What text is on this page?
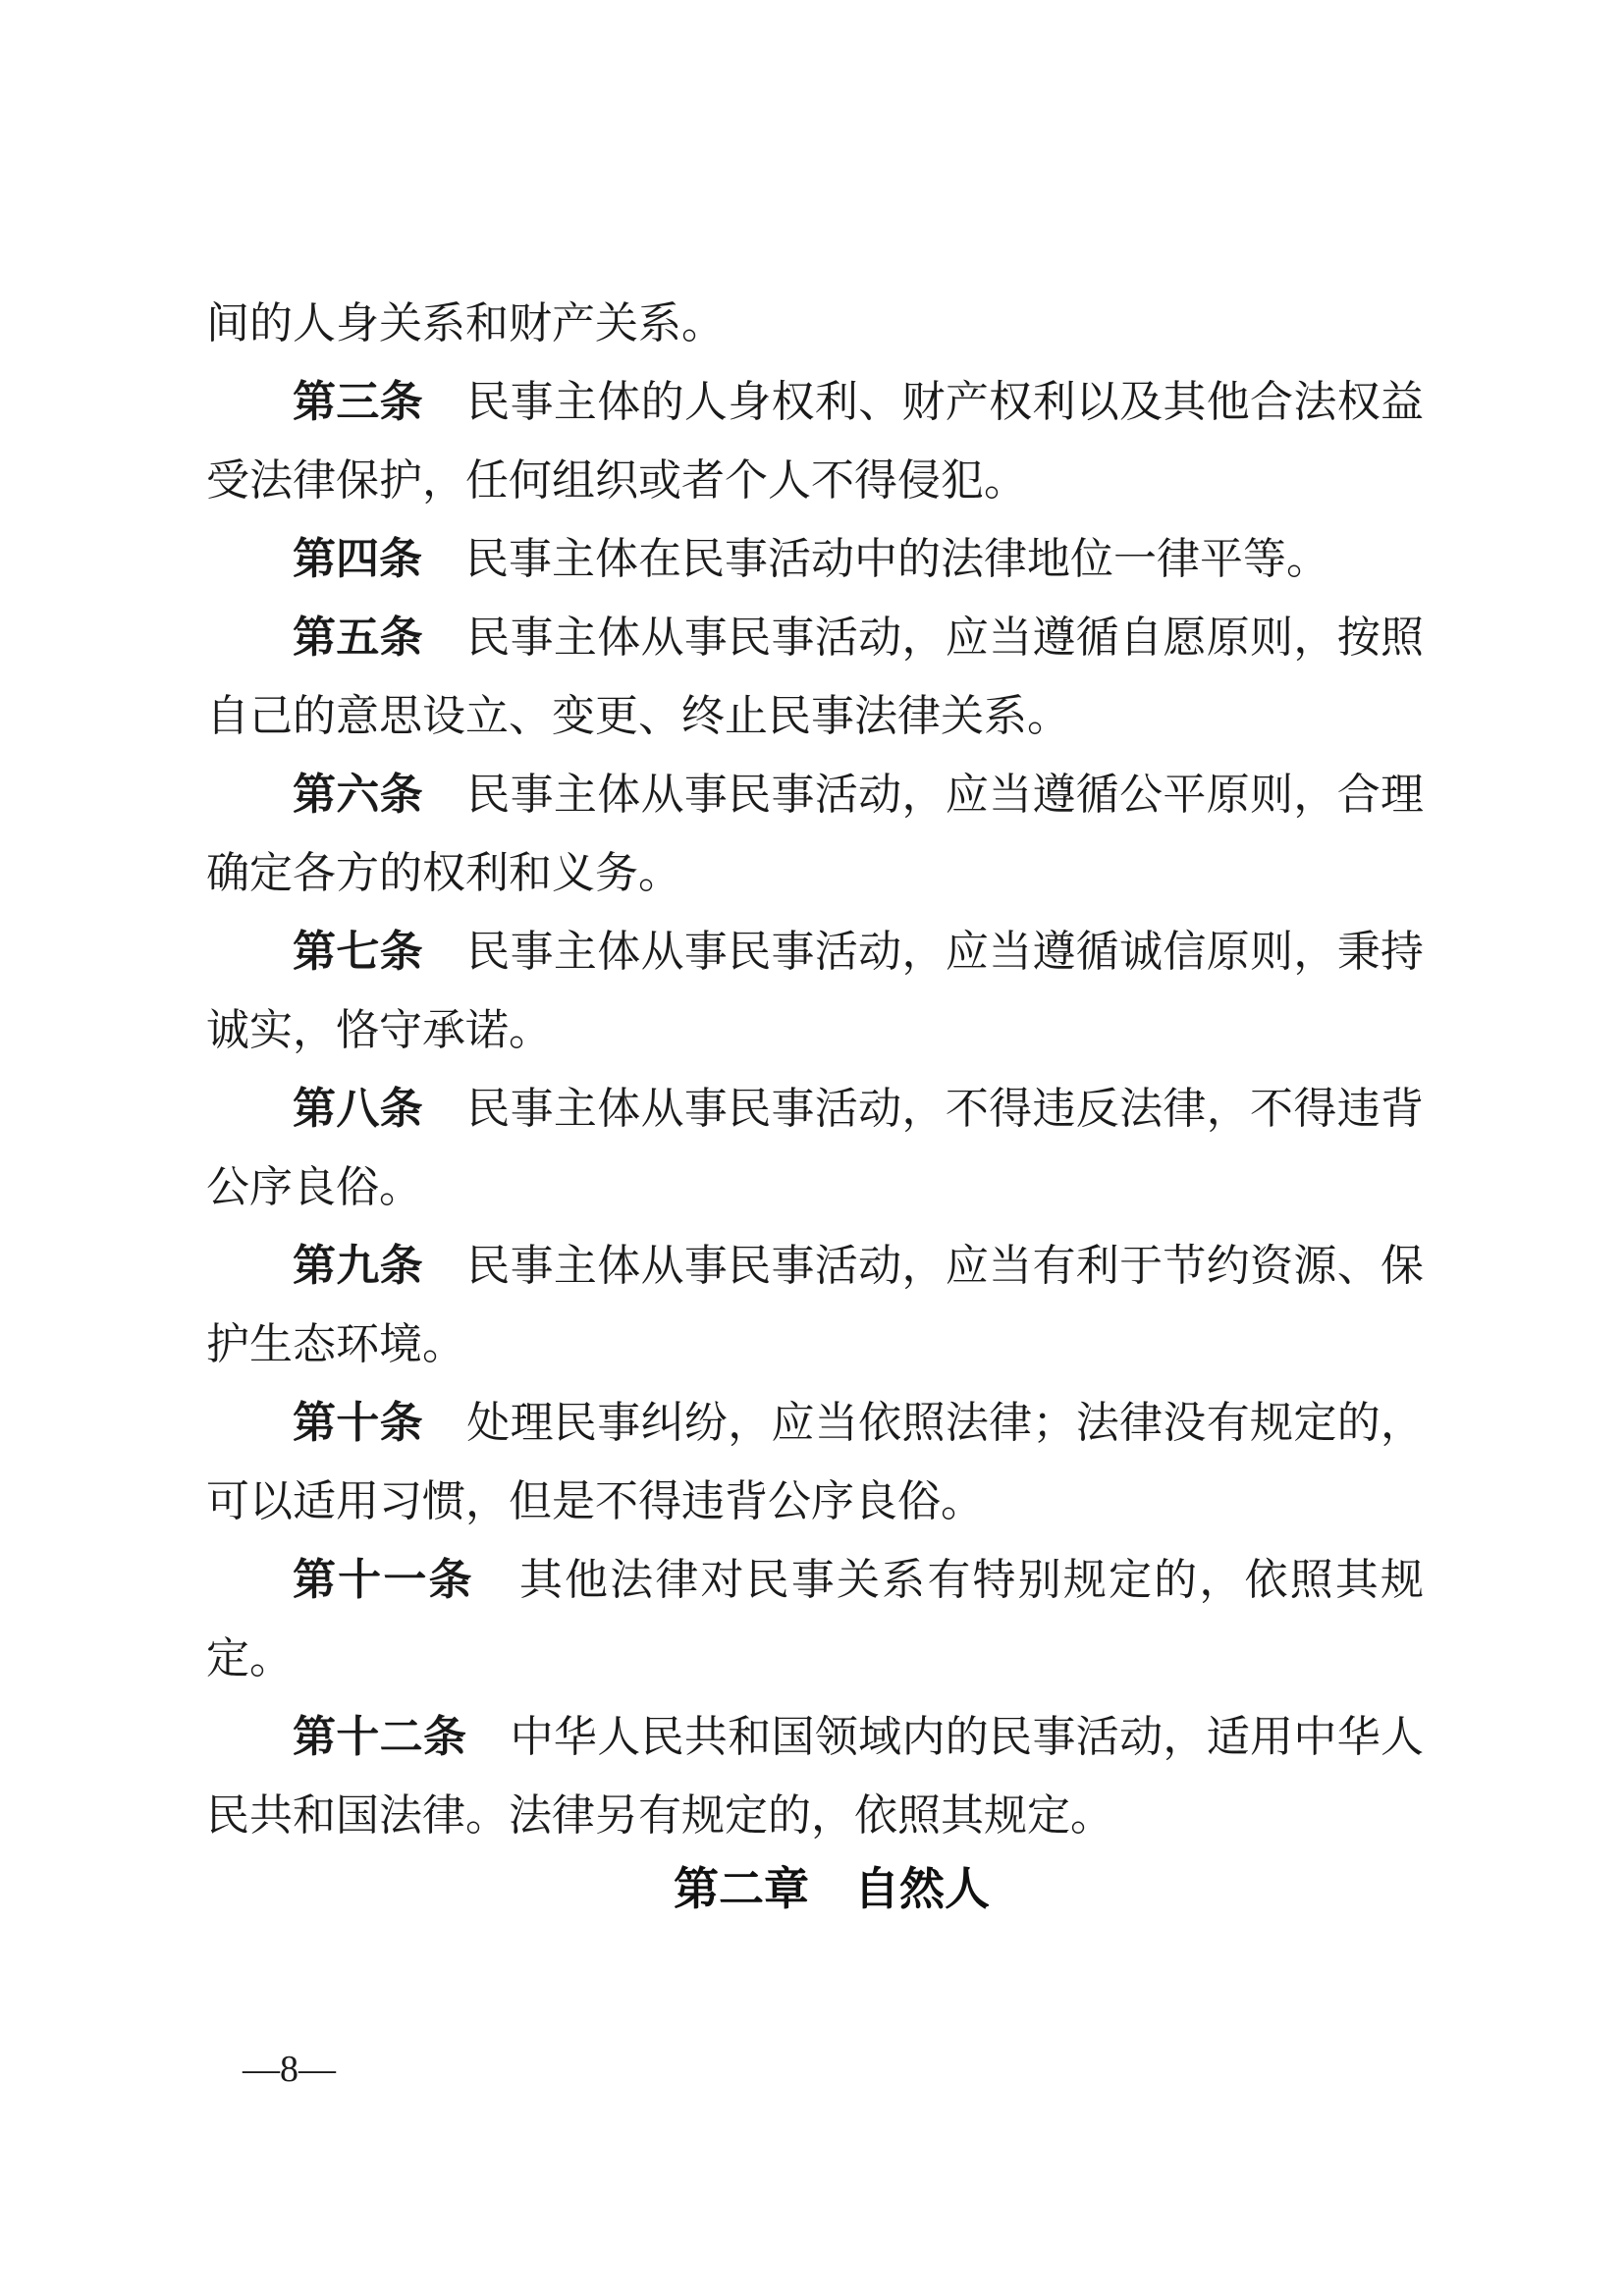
间的人身关系和财产关系。

第三条　 民事主体的人身权利、财产权利以及其他合法权益受法律保护，任何组织或者个人不得侵犯。

第四条　 民事主体在民事活动中的法律地位一律平等。

第五条　 民事主体从事民事活动，应当遵循自愿原则，按照自己的意思设立、变更、终止民事法律关系。

第六条　 民事主体从事民事活动，应当遵循公平原则，合理确定各方的权利和义务。

第七条　 民事主体从事民事活动，应当遵循诚信原则，秉持诚实，恪守承诺。

第八条　 民事主体从事民事活动，不得违反法律，不得违背公序良俗。

第九条　 民事主体从事民事活动，应当有利于节约资源、保护生态环境。

第十条　 处理民事纠纷，应当依照法律；法律没有规定的，可以适用习惯，但是不得违背公序良俗。

第十一条　 其他法律对民事关系有特别规定的，依照其规定。

第十二条　 中华人民共和国领域内的民事活动，适用中华人民共和国法律。法律另有规定的，依照其规定。

第二章 自然人
—8—
